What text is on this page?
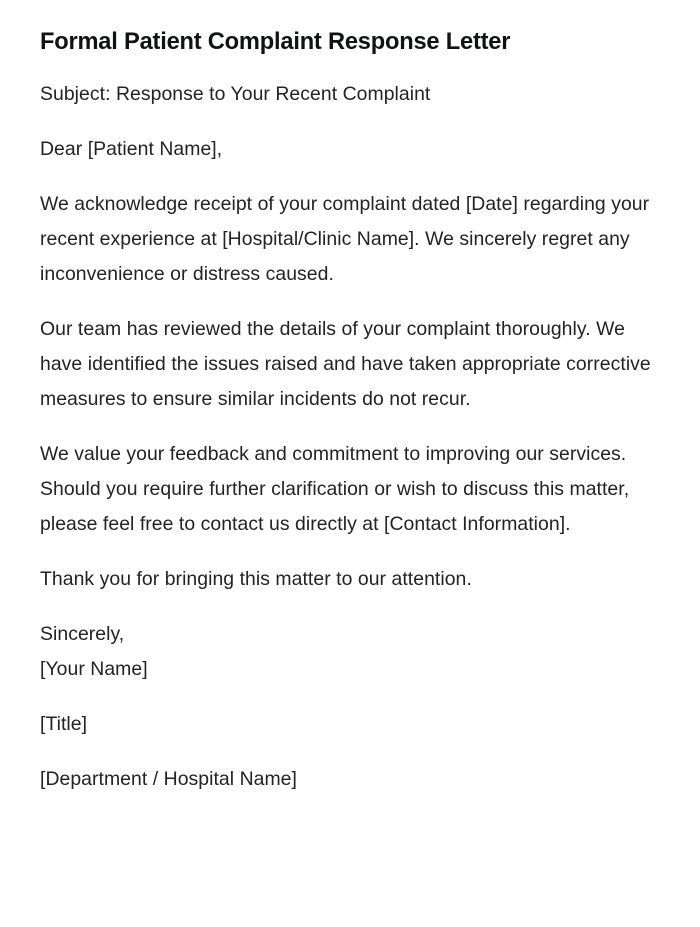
Formal Patient Complaint Response Letter

Subject: Response to Your Recent Complaint

Dear [Patient Name],

We acknowledge receipt of your complaint dated [Date] regarding your recent experience at [Hospital/Clinic Name]. We sincerely regret any inconvenience or distress caused.

Our team has reviewed the details of your complaint thoroughly. We have identified the issues raised and have taken appropriate corrective measures to ensure similar incidents do not recur.

We value your feedback and commitment to improving our services. Should you require further clarification or wish to discuss this matter, please feel free to contact us directly at [Contact Information].

Thank you for bringing this matter to our attention.

Sincerely,

[Your Name]

[Title]

[Department / Hospital Name]
